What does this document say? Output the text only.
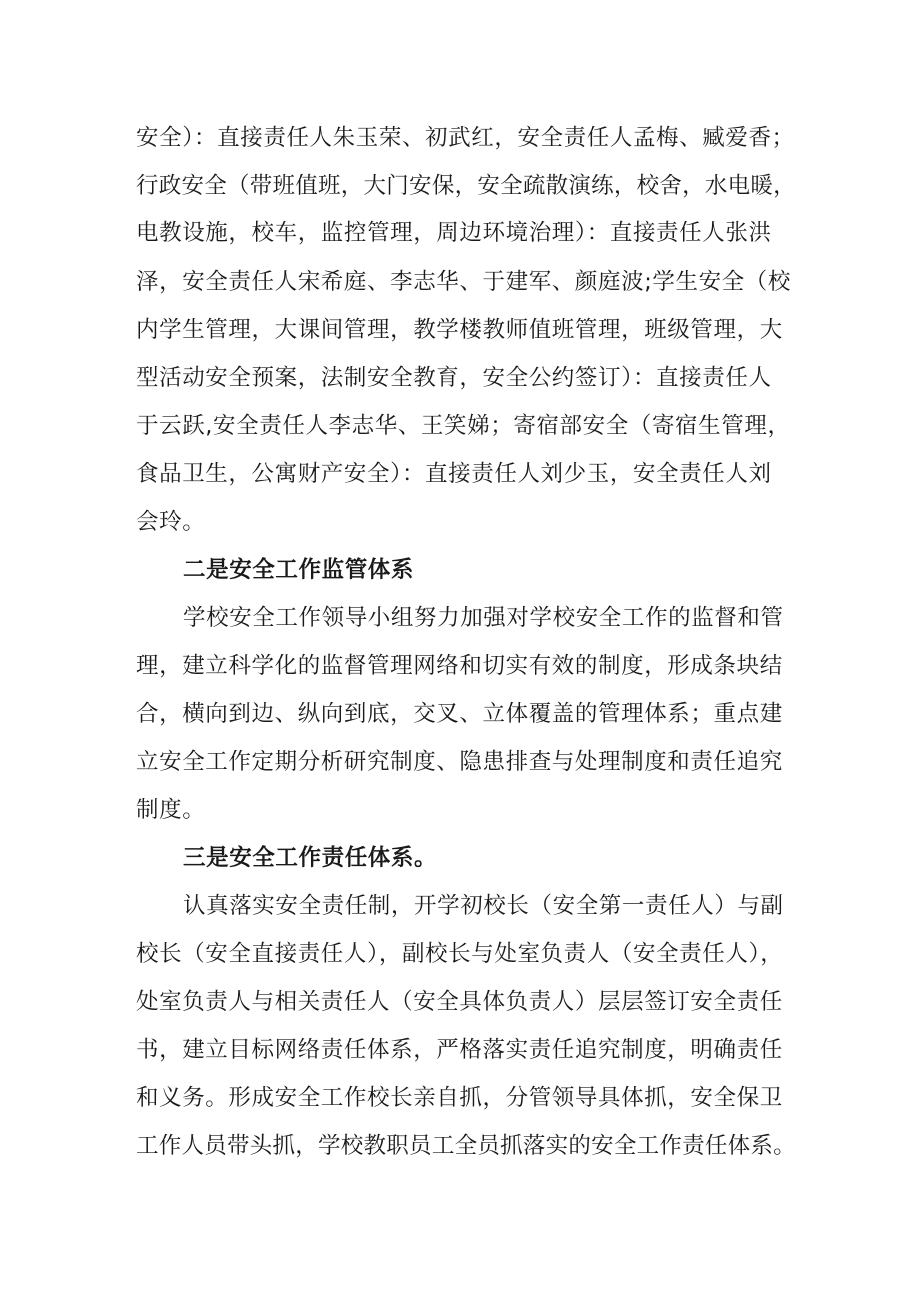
安全）：直接责任人朱玉荣、初武红，安全责任人孟梅、臧爱香；
行政安全（带班值班，大门安保，安全疏散演练，校舍，水电暖，
电教设施，校车，监控管理，周边环境治理）：直接责任人张洪
泽，安全责任人宋希庭、李志华、于建军、颜庭波;学生安全（校
内学生管理，大课间管理，教学楼教师值班管理，班级管理，大
型活动安全预案，法制安全教育，安全公约签订）：直接责任人
于云跃,安全责任人李志华、王笑娣；寄宿部安全（寄宿生管理，
食品卫生，公寓财产安全）：直接责任人刘少玉，安全责任人刘
会玲。
二是安全工作监管体系
学校安全工作领导小组努力加强对学校安全工作的监督和管
理，建立科学化的监督管理网络和切实有效的制度，形成条块结
合，横向到边、纵向到底，交叉、立体覆盖的管理体系；重点建
立安全工作定期分析研究制度、隐患排查与处理制度和责任追究
制度。
三是安全工作责任体系。
认真落实安全责任制，开学初校长（安全第一责任人）与副
校长（安全直接责任人），副校长与处室负责人（安全责任人），
处室负责人与相关责任人（安全具体负责人）层层签订安全责任
书，建立目标网络责任体系，严格落实责任追究制度，明确责任
和义务。形成安全工作校长亲自抓，分管领导具体抓，安全保卫
工作人员带头抓，学校教职员工全员抓落实的安全工作责任体系。
